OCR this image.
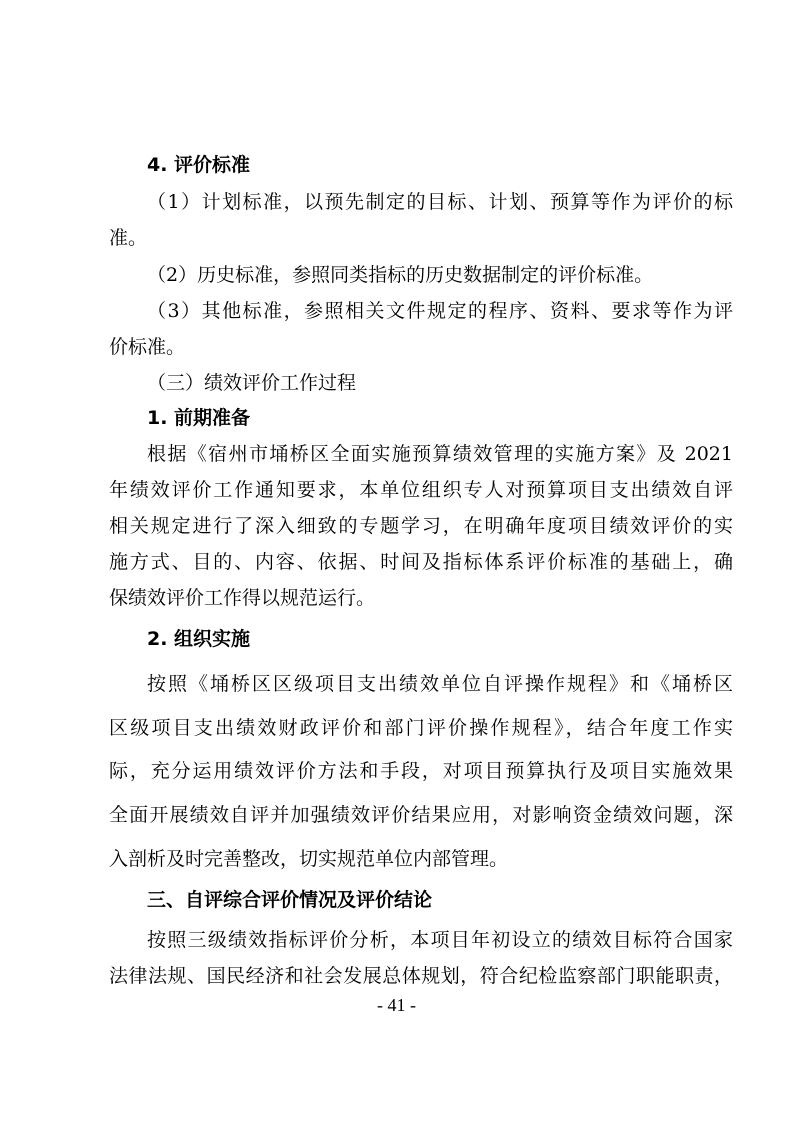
4. 评价标准
（1）计划标准，以预先制定的目标、计划、预算等作为评价的标
准。
（2）历史标准，参照同类指标的历史数据制定的评价标准。
（3）其他标准，参照相关文件规定的程序、资料、要求等作为评
价标准。
（三）绩效评价工作过程
1. 前期准备
根据《宿州市埇桥区全面实施预算绩效管理的实施方案》及 2021
年绩效评价工作通知要求，本单位组织专人对预算项目支出绩效自评
相关规定进行了深入细致的专题学习，在明确年度项目绩效评价的实
施方式、目的、内容、依据、时间及指标体系评价标准的基础上，确
保绩效评价工作得以规范运行。
2. 组织实施
按照《埇桥区区级项目支出绩效单位自评操作规程》和《埇桥区
区级项目支出绩效财政评价和部门评价操作规程》，结合年度工作实
际，充分运用绩效评价方法和手段，对项目预算执行及项目实施效果
全面开展绩效自评并加强绩效评价结果应用，对影响资金绩效问题，深
入剖析及时完善整改，切实规范单位内部管理。
三、自评综合评价情况及评价结论
按照三级绩效指标评价分析，本项目年初设立的绩效目标符合国家
法律法规、国民经济和社会发展总体规划，符合纪检监察部门职能职责，
- 41 -
